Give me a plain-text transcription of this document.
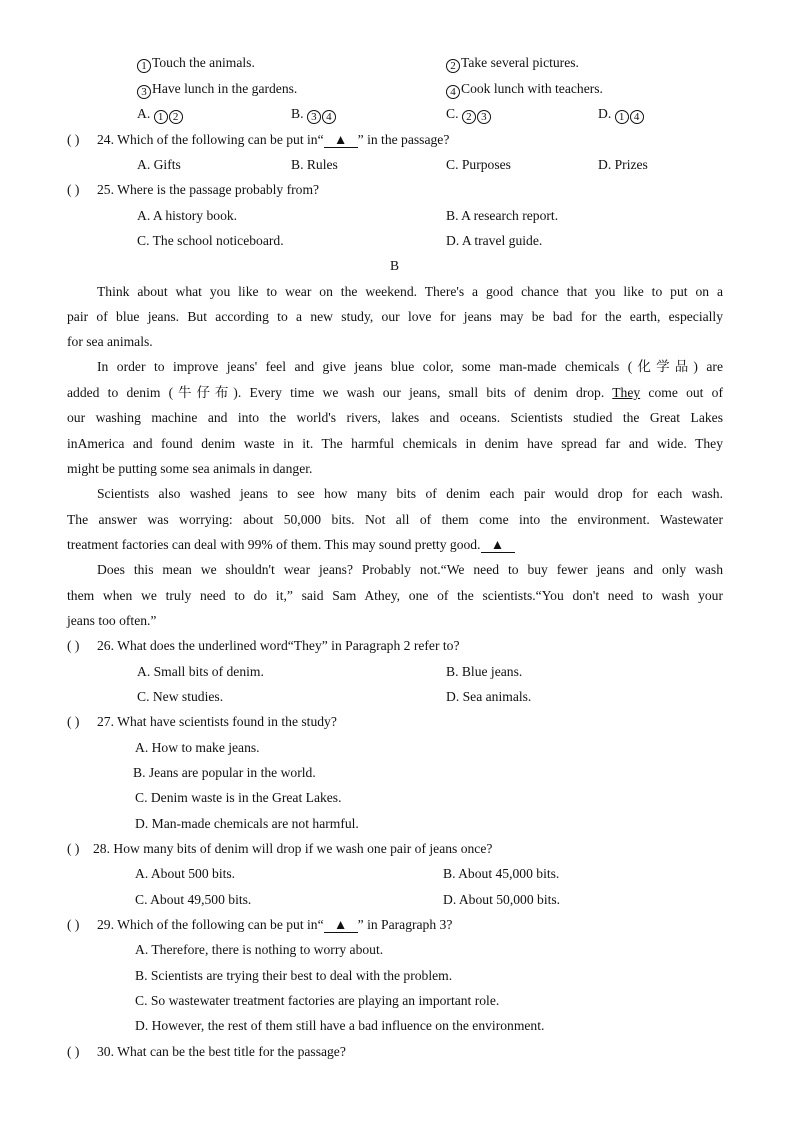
1 Touch the animals.	2 Take several pictures.
3 Have lunch in the gardens.	4 Cook lunch with teachers.
A. 1 2	B. 3 4	C. 2 3	D. 1 4
( ) 24. Which of the following can be put in“ ▲ ” in the passage?
A. Gifts	B. Rules	C. Purposes	D. Prizes
( ) 25. Where is the passage probably from?
A. A history book.	B. A research report.
C. The school noticeboard.	D. A travel guide.
B
Think about what you like to wear on the weekend. There's a good chance that you like to put on a
pair of blue jeans. But according to a new study, our love for jeans may be bad for the earth, especially
for sea animals.
In order to improve jeans' feel and give jeans blue color, some man-made chemicals (化学品) are
added to denim (牛仔布). Every time we wash our jeans, small bits of denim drop. They come out of
our washing machine and into the world's rivers, lakes and oceans. Scientists studied the Great Lakes
inAmerica and found denim waste in it. The harmful chemicals in denim have spread far and wide. They
might be putting some sea animals in danger.
Scientists also washed jeans to see how many bits of denim each pair would drop for each wash.
The answer was worrying: about 50,000 bits. Not all of them come into the environment. Wastewater
treatment factories can deal with 99% of them. This may sound pretty good. ▲
Does this mean we shouldn't wear jeans? Probably not.“We need to buy fewer jeans and only wash
them when we truly need to do it,” said Sam Athey, one of the scientists.“You don't need to wash your
jeans too often.”
( ) 26. What does the underlined word“They” in Paragraph 2 refer to?
A. Small bits of denim.	B. Blue jeans.
C. New studies.	D. Sea animals.
( ) 27. What have scientists found in the study?
A. How to make jeans.
B. Jeans are popular in the world.
C. Denim waste is in the Great Lakes.
D. Man-made chemicals are not harmful.
( ) 28. How many bits of denim will drop if we wash one pair of jeans once?
A. About 500 bits.	B. About 45,000 bits.
C. About 49,500 bits.	D. About 50,000 bits.
( ) 29. Which of the following can be put in“ ▲ ” in Paragraph 3?
A. Therefore, there is nothing to worry about.
B. Scientists are trying their best to deal with the problem.
C. So wastewater treatment factories are playing an important role.
D. However, the rest of them still have a bad influence on the environment.
( ) 30. What can be the best title for the passage?
